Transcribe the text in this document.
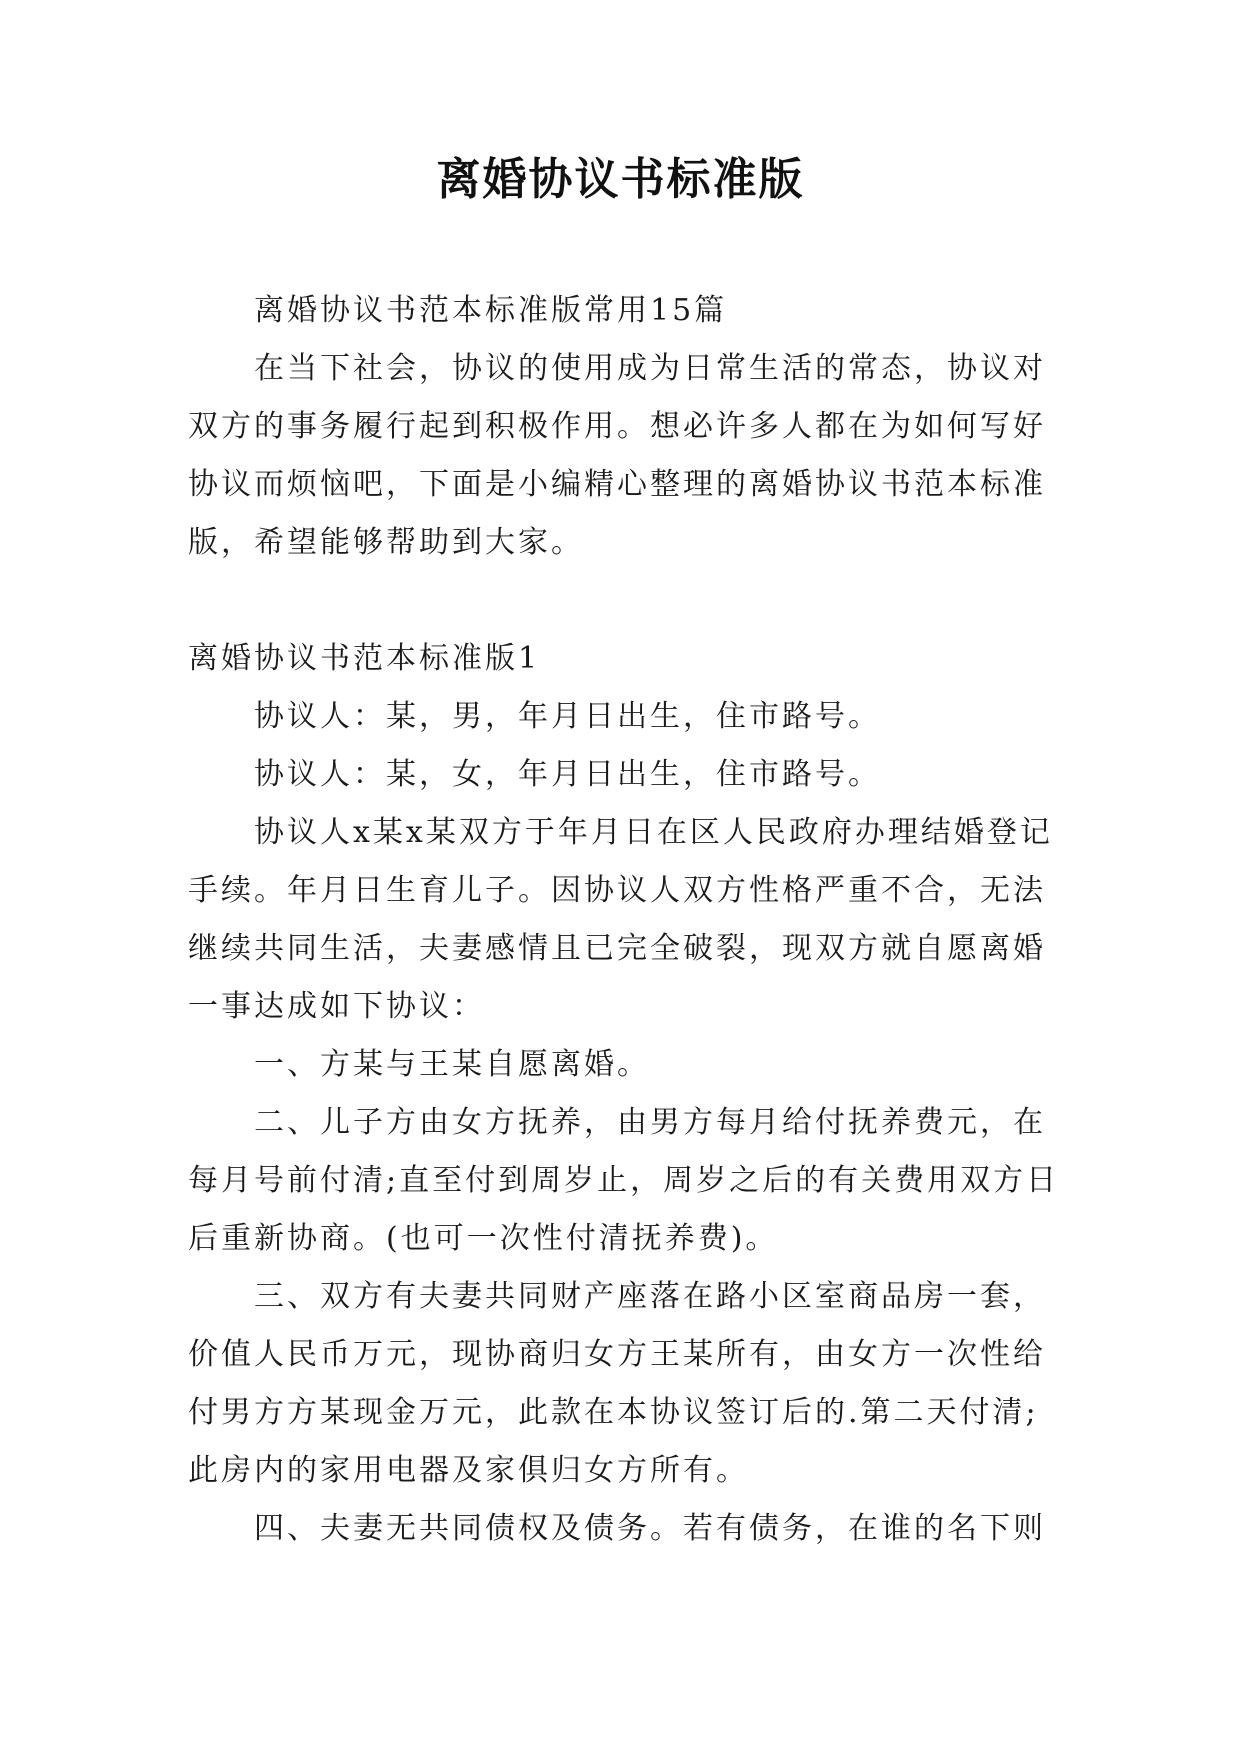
离婚协议书标准版

离婚协议书范本标准版常用15篇

在当下社会，协议的使用成为日常生活的常态，协议对双方的事务履行起到积极作用。想必许多人都在为如何写好协议而烦恼吧，下面是小编精心整理的离婚协议书范本标准版，希望能够帮助到大家。

离婚协议书范本标准版1

协议人：某，男，年月日出生，住市路号。

协议人：某，女，年月日出生，住市路号。

协议人x某x某双方于年月日在区人民政府办理结婚登记手续。年月日生育儿子。因协议人双方性格严重不合，无法继续共同生活，夫妻感情且已完全破裂，现双方就自愿离婚一事达成如下协议：

一、方某与王某自愿离婚。

二、儿子方由女方抚养，由男方每月给付抚养费元，在每月号前付清;直至付到周岁止，周岁之后的有关费用双方日后重新协商。(也可一次性付清抚养费)。

三、双方有夫妻共同财产座落在路小区室商品房一套，价值人民币万元，现协商归女方王某所有，由女方一次性给付男方方某现金万元，此款在本协议签订后的.第二天付清;此房内的家用电器及家俱归女方所有。

四、夫妻无共同债权及债务。若有债务，在谁的名下则
